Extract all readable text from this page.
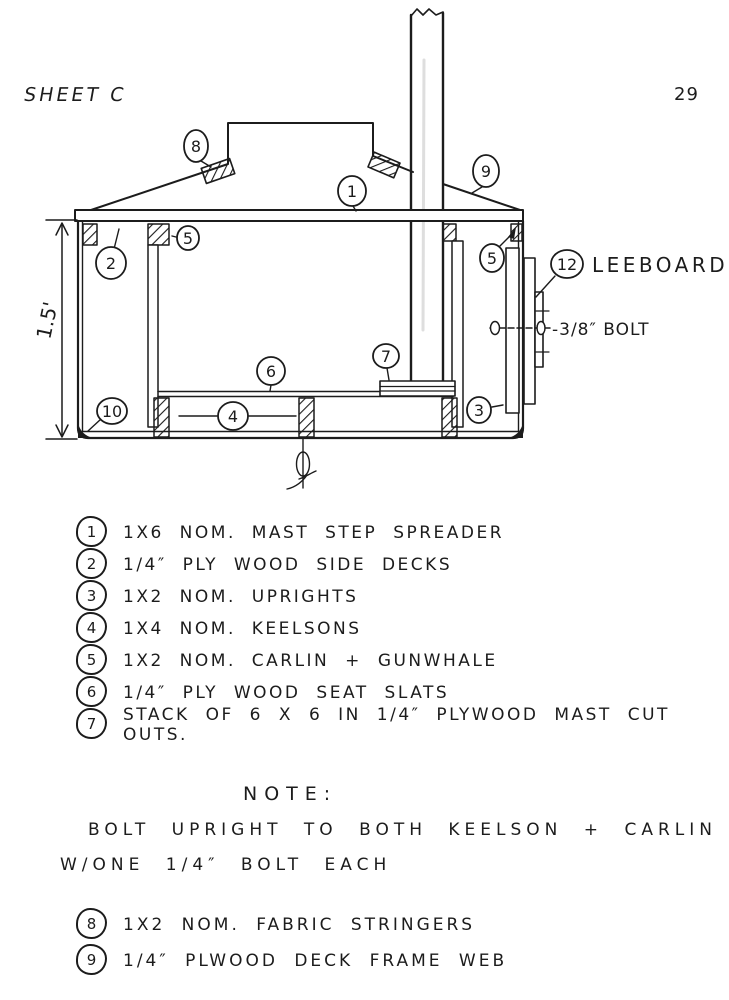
SHEET C	29
1.5'	-3/8″ BOLT
LEEBOARD
1
2
3
4
5
5
6
7
8
9
10
12
1	1X6 NOM. MAST STEP SPREADER
2	1/4″ PLY WOOD SIDE DECKS
3	1X2 NOM. UPRIGHTS
4	1X4 NOM. KEELSONS
5	1X2 NOM. CARLIN + GUNWHALE
6	1/4″ PLY WOOD SEAT SLATS
7	STACK OF 6 X 6 IN 1/4″ PLYWOOD MAST CUT OUTS.
NOTE:
BOLT UPRIGHT TO BOTH KEELSON + CARLIN
W/ONE 1/4″ BOLT EACH
8	1X2 NOM. FABRIC STRINGERS
9	1/4″ PLWOOD DECK FRAME WEB
